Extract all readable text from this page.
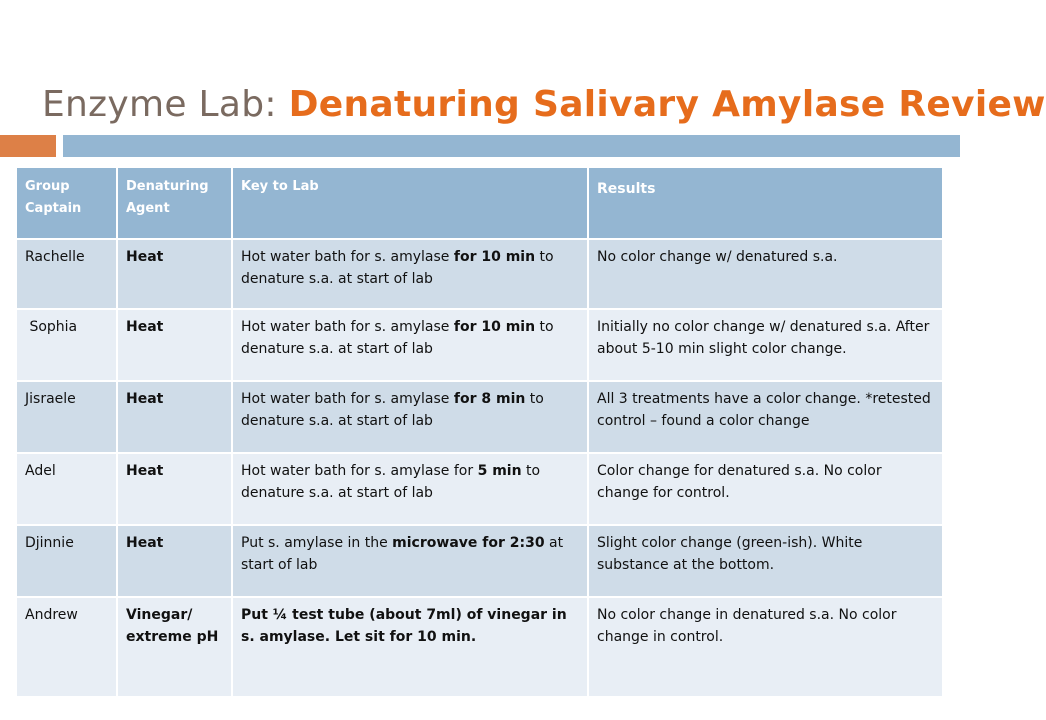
Enzyme Lab: Denaturing Salivary Amylase Review
Group Captain	Denaturing Agent	Key to Lab	Results
Rachelle	Heat	Hot water bath for s. amylase for 10 min to denature s.a. at start of lab	No color change w/ denatured s.a.
Sophia	Heat	Hot water bath for s. amylase for 10 min to denature s.a. at start of lab	Initially no color change w/ denatured s.a. After about 5-10 min slight color change.
Jisraele	Heat	Hot water bath for s. amylase for 8 min to denature s.a. at start of lab	All 3 treatments have a color change. *retested control – found a color change
Adel	Heat	Hot water bath for s. amylase for 5 min to denature s.a. at start of lab	Color change for denatured s.a. No color change for control.
Djinnie	Heat	Put s. amylase in the microwave for 2:30 at start of lab	Slight color change (green-ish). White substance at the bottom.
Andrew	Vinegar/ extreme pH	Put ¼ test tube (about 7ml) of vinegar in s. amylase. Let sit for 10 min.	No color change in denatured s.a. No color change in control.
